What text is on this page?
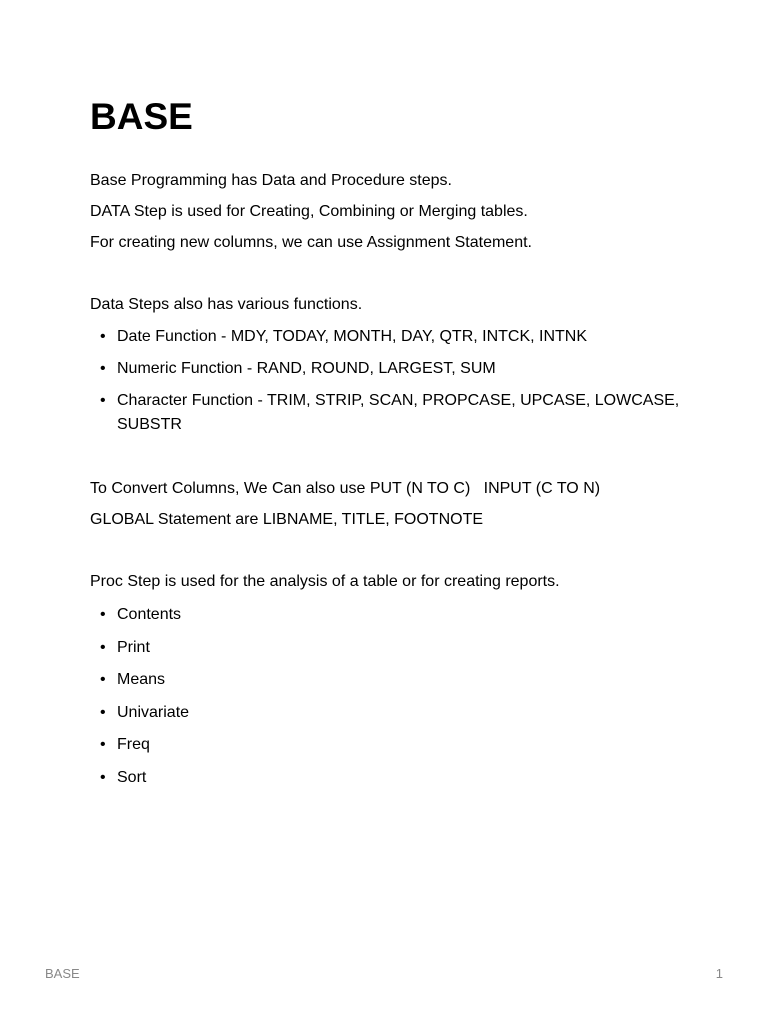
BASE

Base Programming has Data and Procedure steps.

DATA Step is used for Creating, Combining or Merging tables.

For creating new columns, we can use Assignment Statement.

Data Steps also has various functions.

• Date Function - MDY, TODAY, MONTH, DAY, QTR, INTCK, INTNK
• Numeric Function - RAND, ROUND, LARGEST, SUM
• Character Function - TRIM, STRIP, SCAN, PROPCASE, UPCASE, LOWCASE, SUBSTR

To Convert Columns, We Can also use PUT (N TO C)   INPUT (C TO N)

GLOBAL Statement are LIBNAME, TITLE, FOOTNOTE

Proc Step is used for the analysis of a table or for creating reports.

• Contents
• Print
• Means
• Univariate
• Freq
• Sort
BASE	1
